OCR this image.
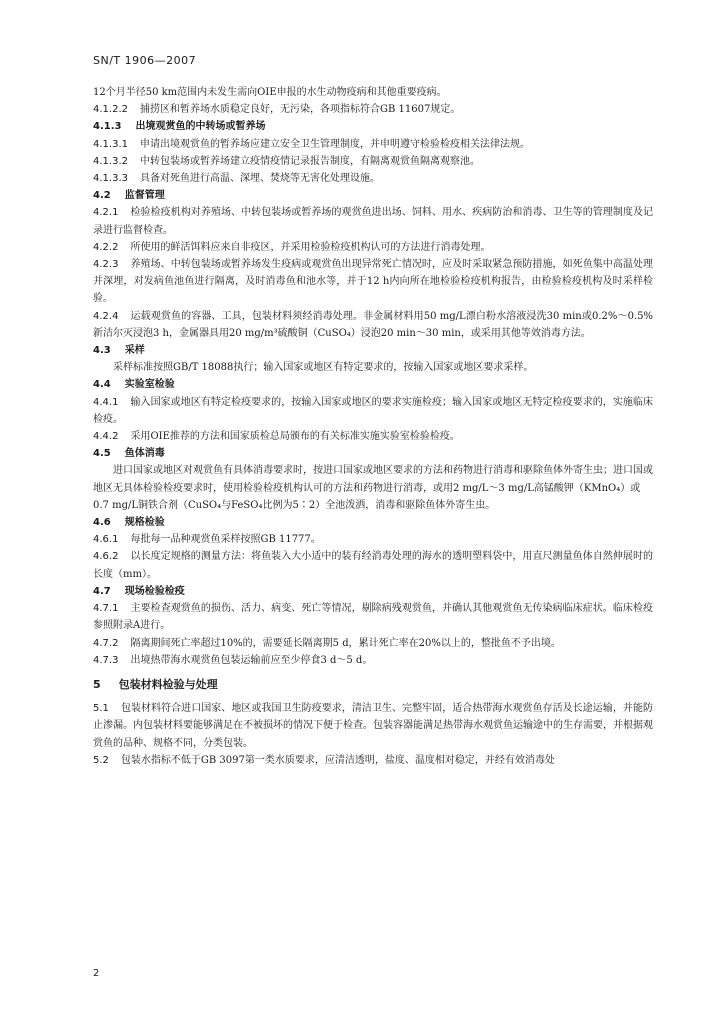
SN/T 1906—2007

12个月半径50 km范围内未发生需向OIE申报的水生动物疫病和其他重要疫病。

4.1.2.2 捕捞区和暂养场水质稳定良好，无污染，各项指标符合GB 11607规定。

4.1.3 出境观赏鱼的中转场或暂养场

4.1.3.1 申请出境观赏鱼的暂养场应建立安全卫生管理制度，并申明遵守检验检疫相关法律法规。

4.1.3.2 中转包装场或暂养场建立疫情疫情记录报告制度，有隔离观赏鱼隔离观察池。

4.1.3.3 具备对死鱼进行高温、深埋、焚烧等无害化处理设施。

4.2 监督管理

4.2.1 检验检疫机构对养殖场、中转包装场或暂养场的观赏鱼进出场、饲料、用水、疾病防治和消毒、卫生等的管理制度及记录进行监督检查。

4.2.2 所使用的鲜活饵料应来自非疫区，并采用检验检疫机构认可的方法进行消毒处理。

4.2.3 养殖场、中转包装场或暂养场发生疫病或观赏鱼出现异常死亡情况时，应及时采取紧急预防措施，如死鱼集中高温处理并深埋，对发病鱼池鱼进行隔离，及时消毒鱼和池水等，并于12 h内向所在地检验检疫机构报告，由检验检疫机构及时采样检验。

4.2.4 运载观赏鱼的容器、工具，包装材料须经消毒处理。非金属材料用50 mg/L漂白粉水溶液浸洗30 min或0.2%～0.5%新洁尔灭浸泡3 h，金属器具用20 mg/m³硫酸铜（CuSO₄）浸泡20 min～30 min，或采用其他等效消毒方法。

4.3 采样

采样标准按照GB/T 18088执行；输入国家或地区有特定要求的，按输入国家或地区要求采样。

4.4 实验室检验

4.4.1 输入国家或地区有特定检疫要求的，按输入国家或地区的要求实施检疫；输入国家或地区无特定检疫要求的，实施临床检疫。

4.4.2 采用OIE推荐的方法和国家质检总局颁布的有关标准实施实验室检验检疫。

4.5 鱼体消毒

进口国家或地区对观赏鱼有具体消毒要求时，按进口国家或地区要求的方法和药物进行消毒和驱除鱼体外寄生虫；进口国或地区无具体检验检疫要求时，使用检验检疫机构认可的方法和药物进行消毒，或用2 mg/L～3 mg/L高锰酸钾（KMnO₄）或0.7 mg/L铜铁合剂（CuSO₄与FeSO₄比例为5∶2）全池泼洒，消毒和驱除鱼体外寄生虫。

4.6 规格检验

4.6.1 每批每一品种观赏鱼采样按照GB 11777。

4.6.2 以长度定规格的测量方法：将鱼装入大小适中的装有经消毒处理的海水的透明塑料袋中，用直尺测量鱼体自然伸展时的长度（mm）。

4.7 现场检验检疫

4.7.1 主要检查观赏鱼的损伤、活力、病变、死亡等情况，剔除病残观赏鱼，并确认其他观赏鱼无传染病临床症状。临床检疫参照附录A进行。

4.7.2 隔离期间死亡率超过10%的，需要延长隔离期5 d，累计死亡率在20%以上的，整批鱼不予出境。

4.7.3 出境热带海水观赏鱼包装运输前应至少停食3 d～5 d。

5 包装材料检验与处理

5.1 包装材料符合进口国家、地区或我国卫生防疫要求，清洁卫生、完整牢固，适合热带海水观赏鱼存活及长途运输，并能防止渗漏。内包装材料要能够满足在不被损坏的情况下便于检查。包装容器能满足热带海水观赏鱼运输途中的生存需要，并根据观赏鱼的品种、规格不同，分类包装。

5.2 包装水指标不低于GB 3097第一类水质要求，应清洁透明，盐度、温度相对稳定，并经有效消毒处

2
